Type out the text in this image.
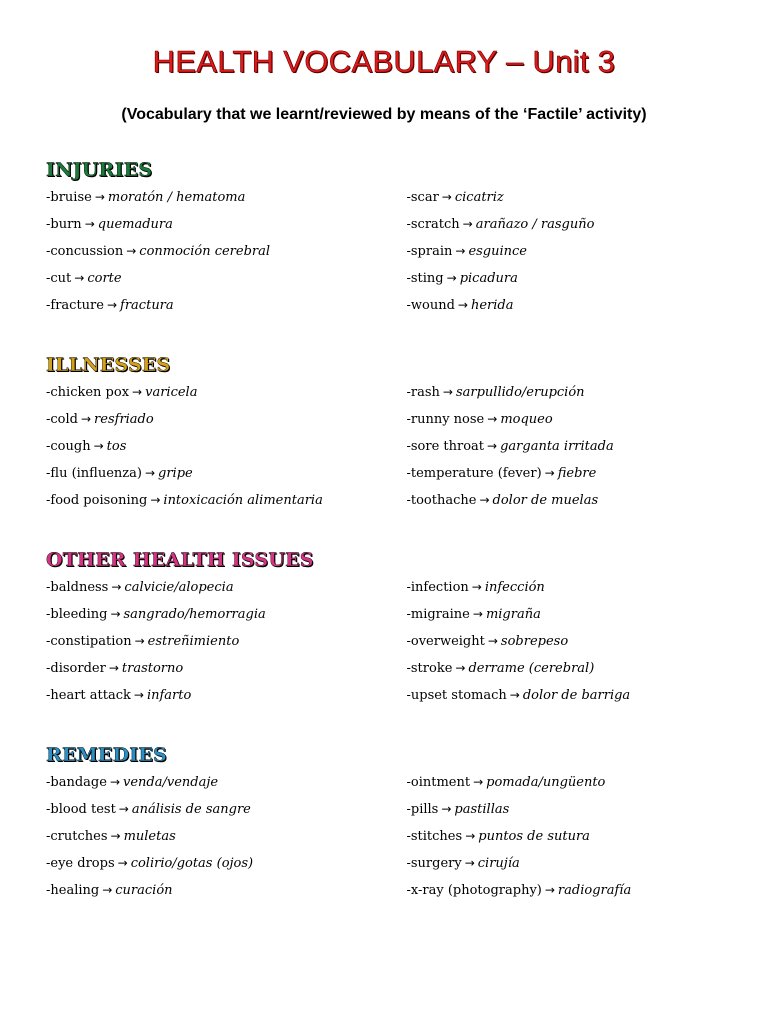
HEALTH VOCABULARY – Unit 3
(Vocabulary that we learnt/reviewed by means of the ‘Factile’ activity)
INJURIES
-bruise → moratón / hematoma
-burn → quemadura
-concussion → conmoción cerebral
-cut → corte
-fracture → fractura
-scar → cicatriz
-scratch → arañazo / rasguño
-sprain → esguince
-sting → picadura
-wound → herida
ILLNESSES
-chicken pox → varicela
-cold → resfriado
-cough → tos
-flu (influenza) → gripe
-food poisoning → intoxicación alimentaria
-rash → sarpullido/erupción
-runny nose → moqueo
-sore throat → garganta irritada
-temperature (fever) → fiebre
-toothache → dolor de muelas
OTHER HEALTH ISSUES
-baldness → calvicie/alopecia
-bleeding → sangrado/hemorragia
-constipation → estreñimiento
-disorder → trastorno
-heart attack → infarto
-infection → infección
-migraine → migraña
-overweight → sobrepeso
-stroke → derrame (cerebral)
-upset stomach → dolor de barriga
REMEDIES
-bandage → venda/vendaje
-blood test → análisis de sangre
-crutches → muletas
-eye drops → colirio/gotas (ojos)
-healing → curación
-ointment → pomada/ungüento
-pills → pastillas
-stitches → puntos de sutura
-surgery → cirujía
-x-ray (photography) → radiografía
